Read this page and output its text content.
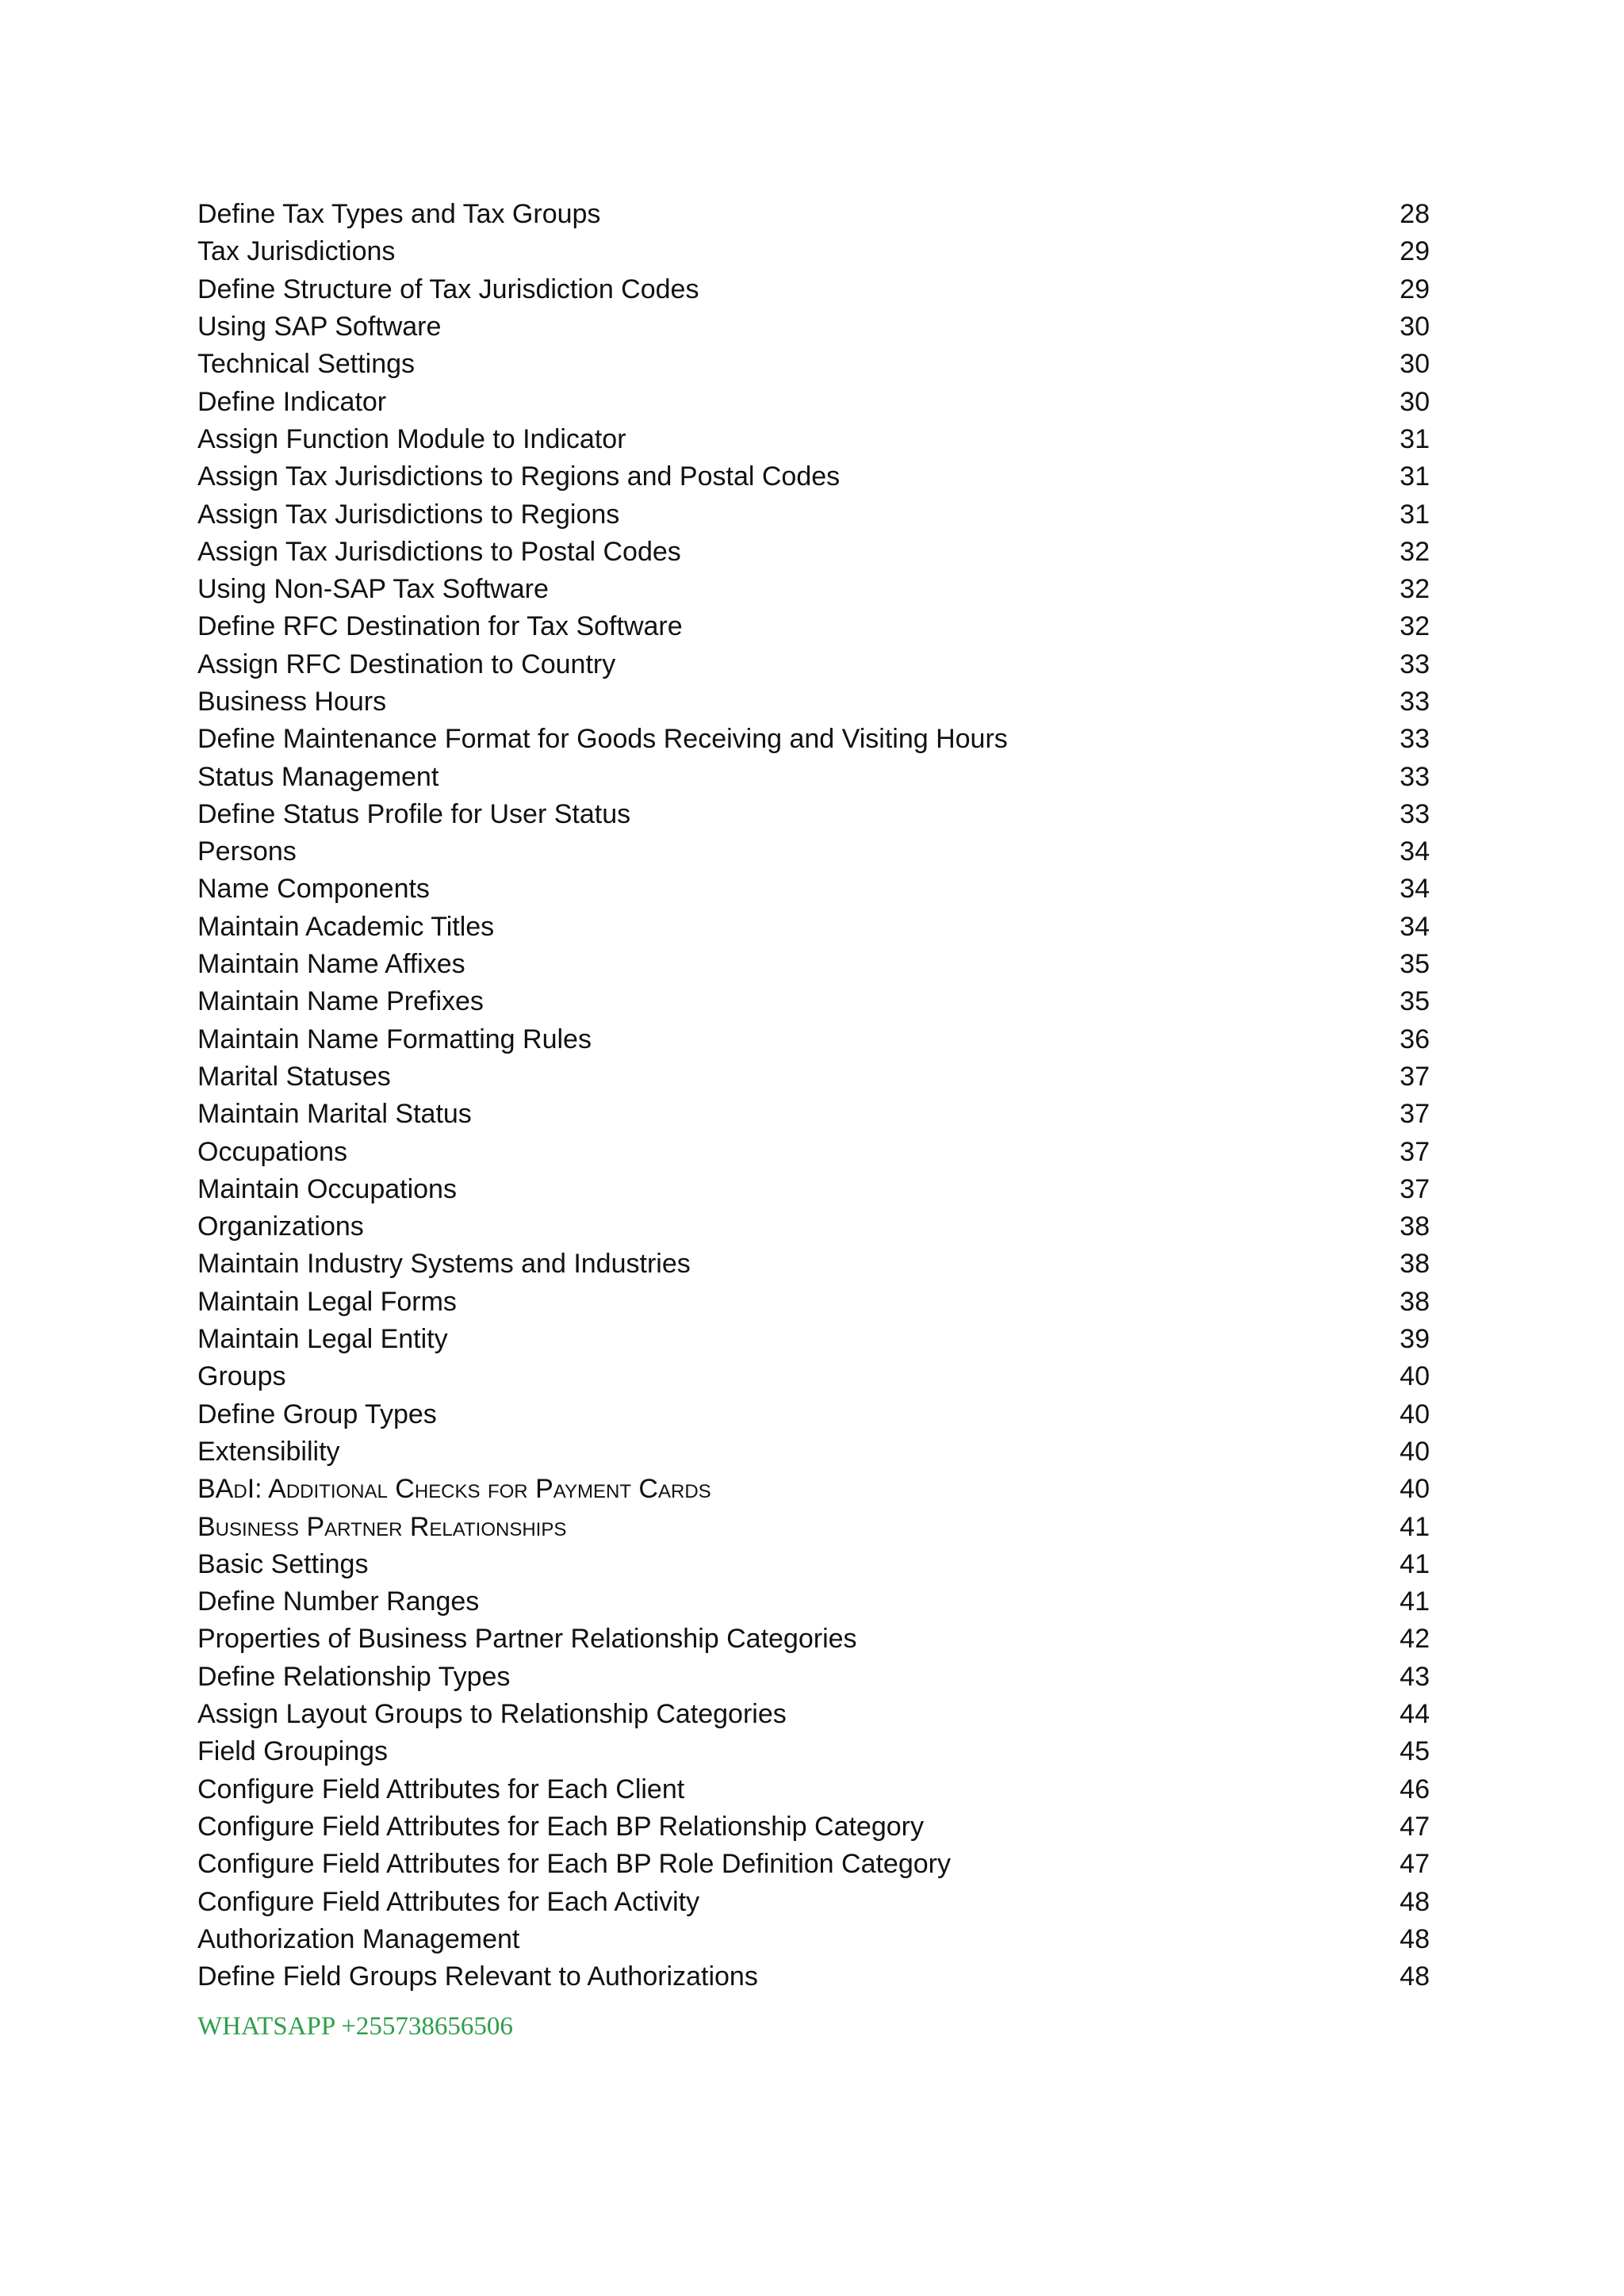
Define Tax Types and Tax Groups	28
Tax Jurisdictions	29
Define Structure of Tax Jurisdiction Codes	29
Using SAP Software	30
Technical Settings	30
Define Indicator	30
Assign Function Module to Indicator	31
Assign Tax Jurisdictions to Regions and Postal Codes	31
Assign Tax Jurisdictions to Regions	31
Assign Tax Jurisdictions to Postal Codes	32
Using Non-SAP Tax Software	32
Define RFC Destination for Tax Software	32
Assign RFC Destination to Country	33
Business Hours	33
Define Maintenance Format for Goods Receiving and Visiting Hours	33
Status Management	33
Define Status Profile for User Status	33
Persons	34
Name Components	34
Maintain Academic Titles	34
Maintain Name Affixes	35
Maintain Name Prefixes	35
Maintain Name Formatting Rules	36
Marital Statuses	37
Maintain Marital Status	37
Occupations	37
Maintain Occupations	37
Organizations	38
Maintain Industry Systems and Industries	38
Maintain Legal Forms	38
Maintain Legal Entity	39
Groups	40
Define Group Types	40
Extensibility	40
BAdI: Additional Checks for Payment Cards	40
Business Partner Relationships	41
Basic Settings	41
Define Number Ranges	41
Properties of Business Partner Relationship Categories	42
Define Relationship Types	43
Assign Layout Groups to Relationship Categories	44
Field Groupings	45
Configure Field Attributes for Each Client	46
Configure Field Attributes for Each BP Relationship Category	47
Configure Field Attributes for Each BP Role Definition Category	47
Configure Field Attributes for Each Activity	48
Authorization Management	48
Define Field Groups Relevant to Authorizations	48
WHATSAPP +255738656506
